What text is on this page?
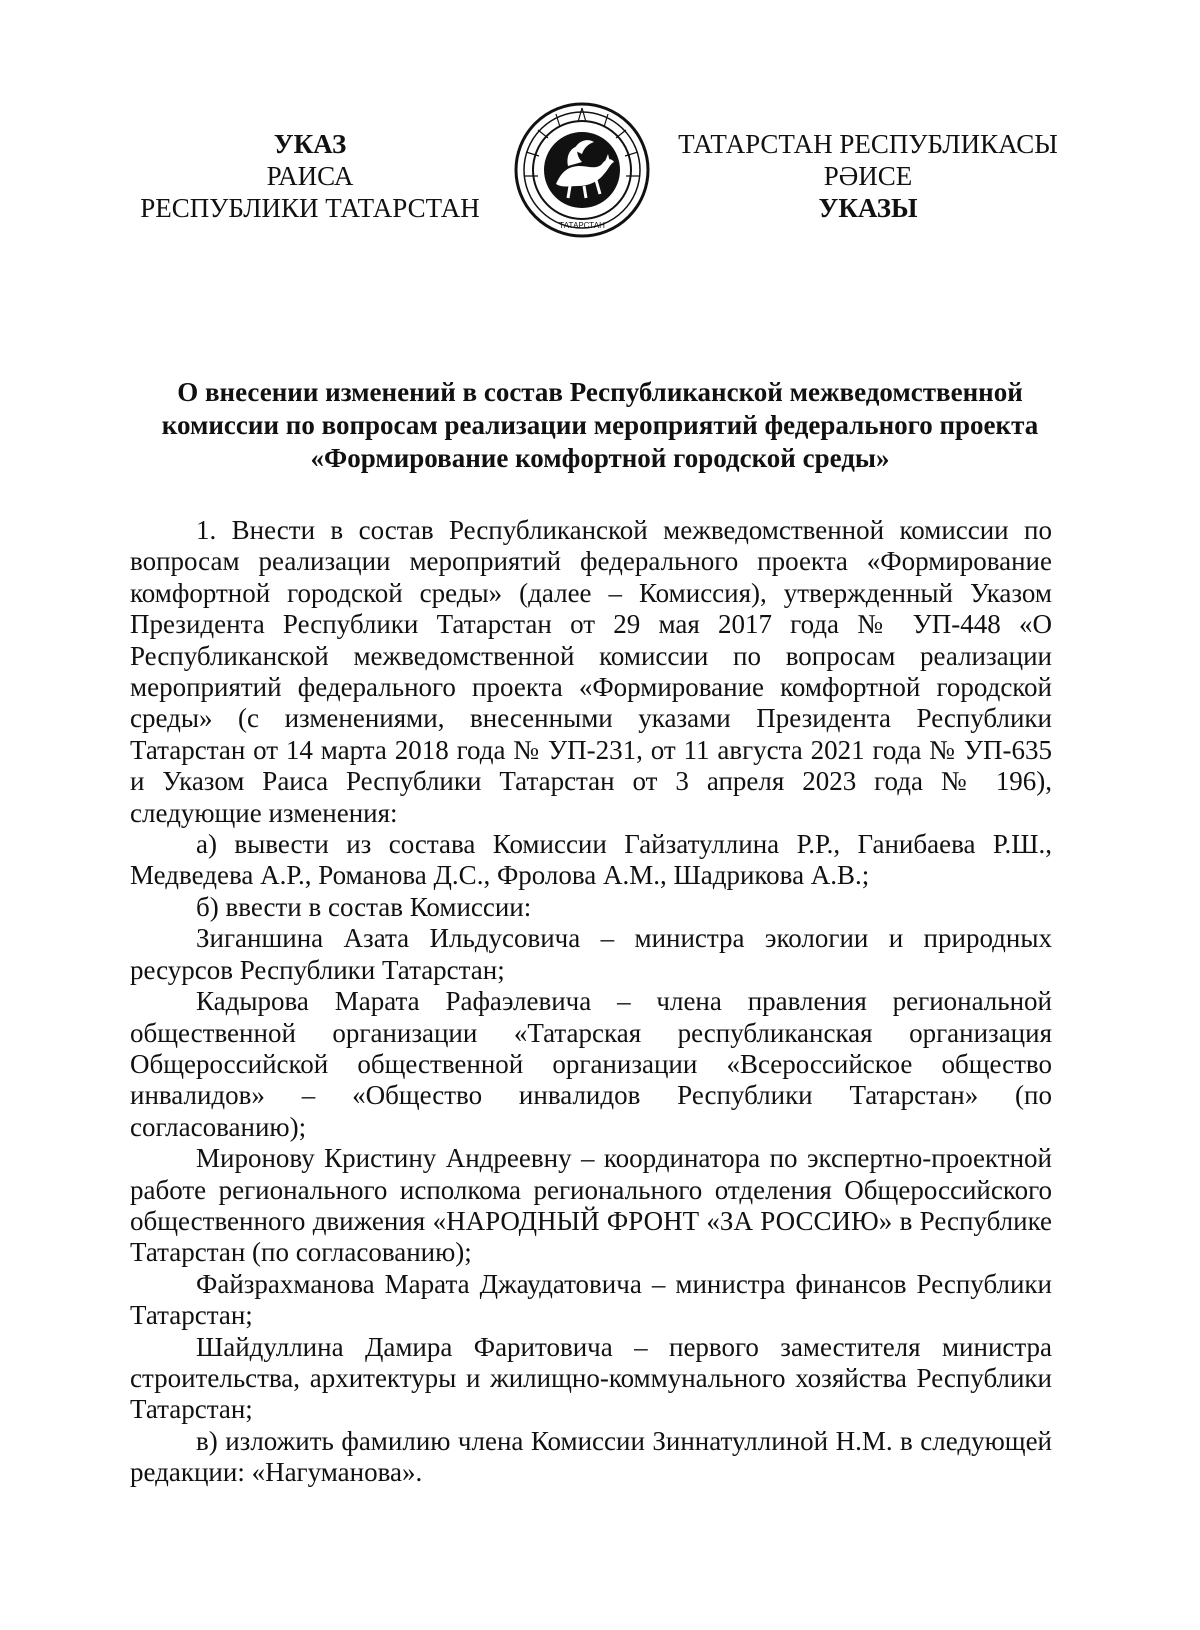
УКАЗ
РАИСА
РЕСПУБЛИКИ ТАТАРСТАН
ТАТАРСТАН
ТАТАРСТАН РЕСПУБЛИКАСЫ
РӘИСЕ
УКАЗЫ
О внесении изменений в состав Республиканской межведомственной
комиссии по вопросам реализации мероприятий федерального проекта
«Формирование комфортной городской среды»

1. Внести в состав Республиканской межведомственной комиссии по вопросам реализации мероприятий федерального проекта «Формирование комфортной городской среды» (далее – Комиссия), утвержденный Указом Президента Республики Татарстан от 29 мая 2017 года № УП-448 «О Республиканской межведомственной комиссии по вопросам реализации мероприятий федерального проекта «Формирование комфортной городской среды» (с изменениями, внесенными указами Президента Республики Татарстан от 14 марта 2018 года № УП-231, от 11 августа 2021 года № УП-635 и Указом Раиса Республики Татарстан от 3 апреля 2023 года № 196), следующие изменения:

а) вывести из состава Комиссии Гайзатуллина Р.Р., Ганибаева Р.Ш., Медведева А.Р., Романова Д.С., Фролова А.М., Шадрикова А.В.;

б) ввести в состав Комиссии:

Зиганшина Азата Ильдусовича – министра экологии и природных ресурсов Республики Татарстан;

Кадырова Марата Рафаэлевича – члена правления региональной общественной организации «Татарская республиканская организация Общероссийской общественной организации «Всероссийское общество инвалидов» – «Общество инвалидов Республики Татарстан» (по согласованию);

Миронову Кристину Андреевну – координатора по экспертно-проектной работе регионального исполкома регионального отделения Общероссийского общественного движения «НАРОДНЫЙ ФРОНТ «ЗА РОССИЮ» в Республике Татарстан (по согласованию);

Файзрахманова Марата Джаудатовича – министра финансов Республики Татарстан;

Шайдуллина Дамира Фаритовича – первого заместителя министра строительства, архитектуры и жилищно-коммунального хозяйства Республики Татарстан;

в) изложить фамилию члена Комиссии Зиннатуллиной Н.М. в следующей редакции: «Нагуманова».
